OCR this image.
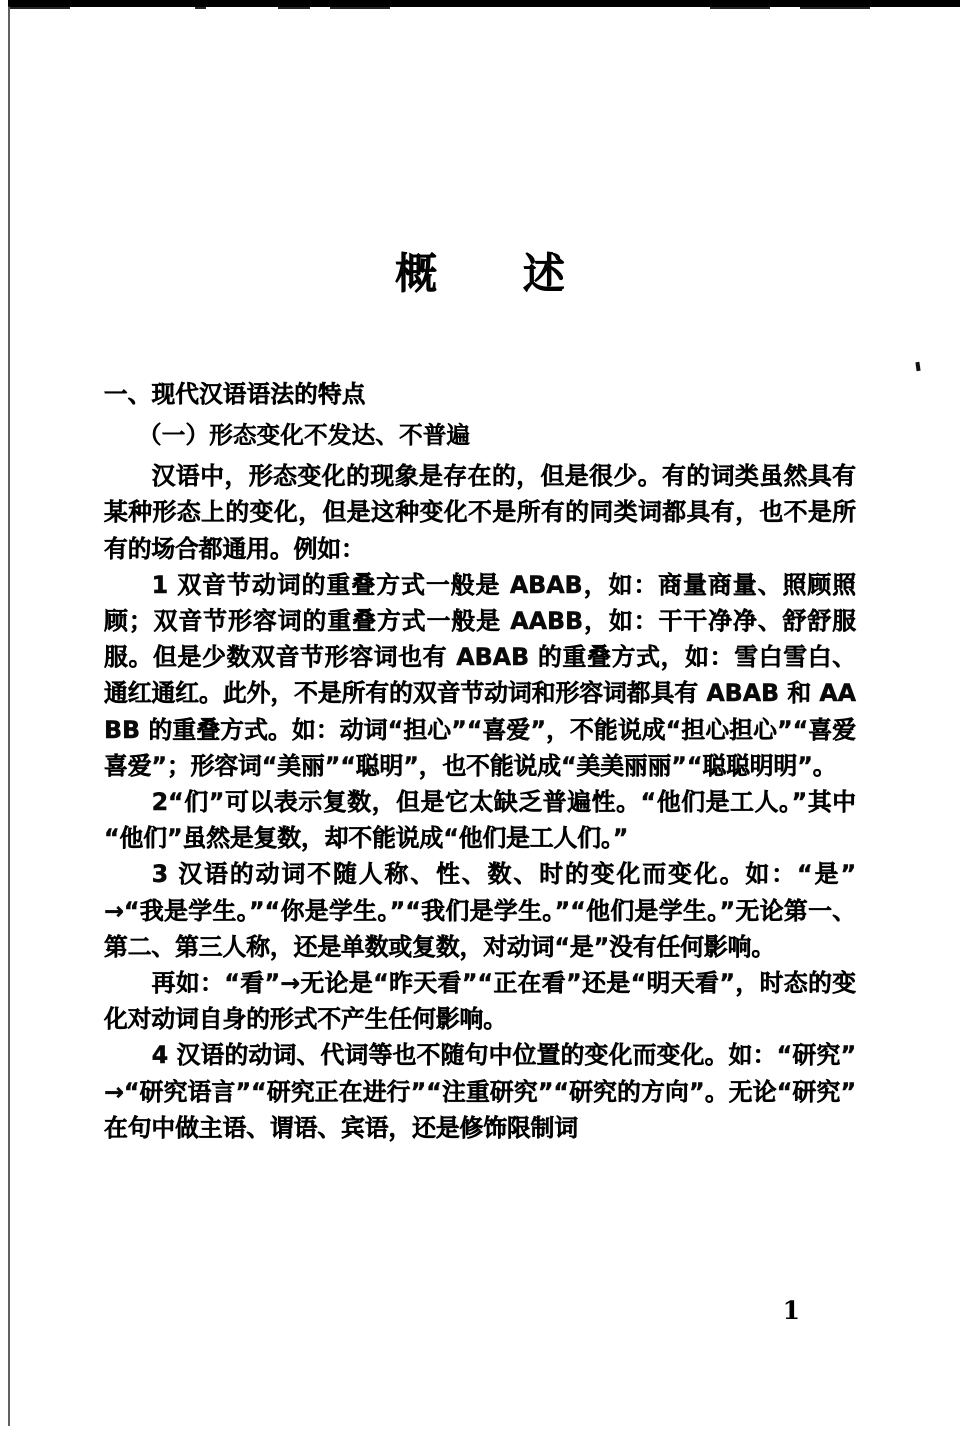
概　述
一、现代汉语语法的特点
（一）形态变化不发达、不普遍

汉语中，形态变化的现象是存在的，但是很少。有的词类虽然具有某种形态上的变化，但是这种变化不是所有的同类词都具有，也不是所有的场合都通用。例如：

1 双音节动词的重叠方式一般是 ABAB，如：商量商量、照顾照顾；双音节形容词的重叠方式一般是 AABB，如：干干净净、舒舒服服。但是少数双音节形容词也有 ABAB 的重叠方式，如：雪白雪白、通红通红。此外，不是所有的双音节动词和形容词都具有 ABAB 和 AABB 的重叠方式。如：动词“担心”“喜爱”，不能说成“担心担心”“喜爱喜爱”；形容词“美丽”“聪明”，也不能说成“美美丽丽”“聪聪明明”。

2“们”可以表示复数，但是它太缺乏普遍性。“他们是工人。”其中“他们”虽然是复数，却不能说成“他们是工人们。”

3 汉语的动词不随人称、性、数、时的变化而变化。如：“是”→“我是学生。”“你是学生。”“我们是学生。”“他们是学生。”无论第一、第二、第三人称，还是单数或复数，对动词“是”没有任何影响。

再如：“看”→无论是“昨天看”“正在看”还是“明天看”，时态的变化对动词自身的形式不产生任何影响。

4 汉语的动词、代词等也不随句中位置的变化而变化。如：“研究”→“研究语言”“研究正在进行”“注重研究”“研究的方向”。无论“研究”在句中做主语、谓语、宾语，还是修饰限制词

1
